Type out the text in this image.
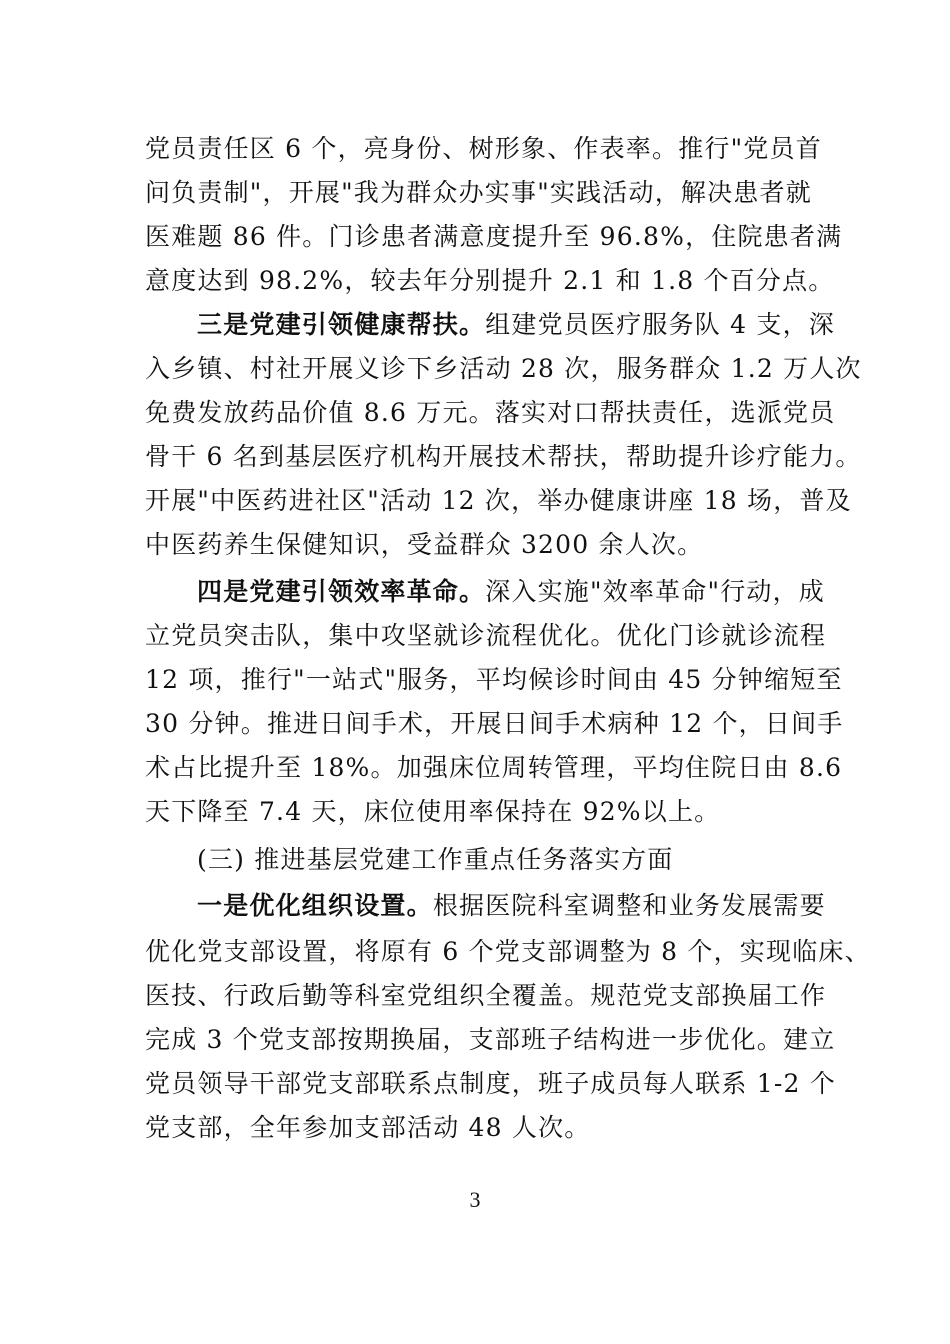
党员责任区 6 个，亮身份、树形象、作表率。推行"党员首
问负责制"，开展"我为群众办实事"实践活动，解决患者就
医难题 86 件。门诊患者满意度提升至 96.8%，住院患者满
意度达到 98.2%，较去年分别提升 2.1 和 1.8 个百分点。
三是党建引领健康帮扶。组建党员医疗服务队 4 支，深
入乡镇、村社开展义诊下乡活动 28 次，服务群众 1.2 万人次
免费发放药品价值 8.6 万元。落实对口帮扶责任，选派党员
骨干 6 名到基层医疗机构开展技术帮扶，帮助提升诊疗能力。
开展"中医药进社区"活动 12 次，举办健康讲座 18 场，普及
中医药养生保健知识，受益群众 3200 余人次。
四是党建引领效率革命。深入实施"效率革命"行动，成
立党员突击队，集中攻坚就诊流程优化。优化门诊就诊流程
12 项，推行"一站式"服务，平均候诊时间由 45 分钟缩短至
30 分钟。推进日间手术，开展日间手术病种 12 个，日间手
术占比提升至 18%。加强床位周转管理，平均住院日由 8.6
天下降至 7.4 天，床位使用率保持在 92%以上。
(三) 推进基层党建工作重点任务落实方面
一是优化组织设置。根据医院科室调整和业务发展需要
优化党支部设置，将原有 6 个党支部调整为 8 个，实现临床、
医技、行政后勤等科室党组织全覆盖。规范党支部换届工作
完成 3 个党支部按期换届，支部班子结构进一步优化。建立
党员领导干部党支部联系点制度，班子成员每人联系 1-2 个
党支部，全年参加支部活动 48 人次。
3
